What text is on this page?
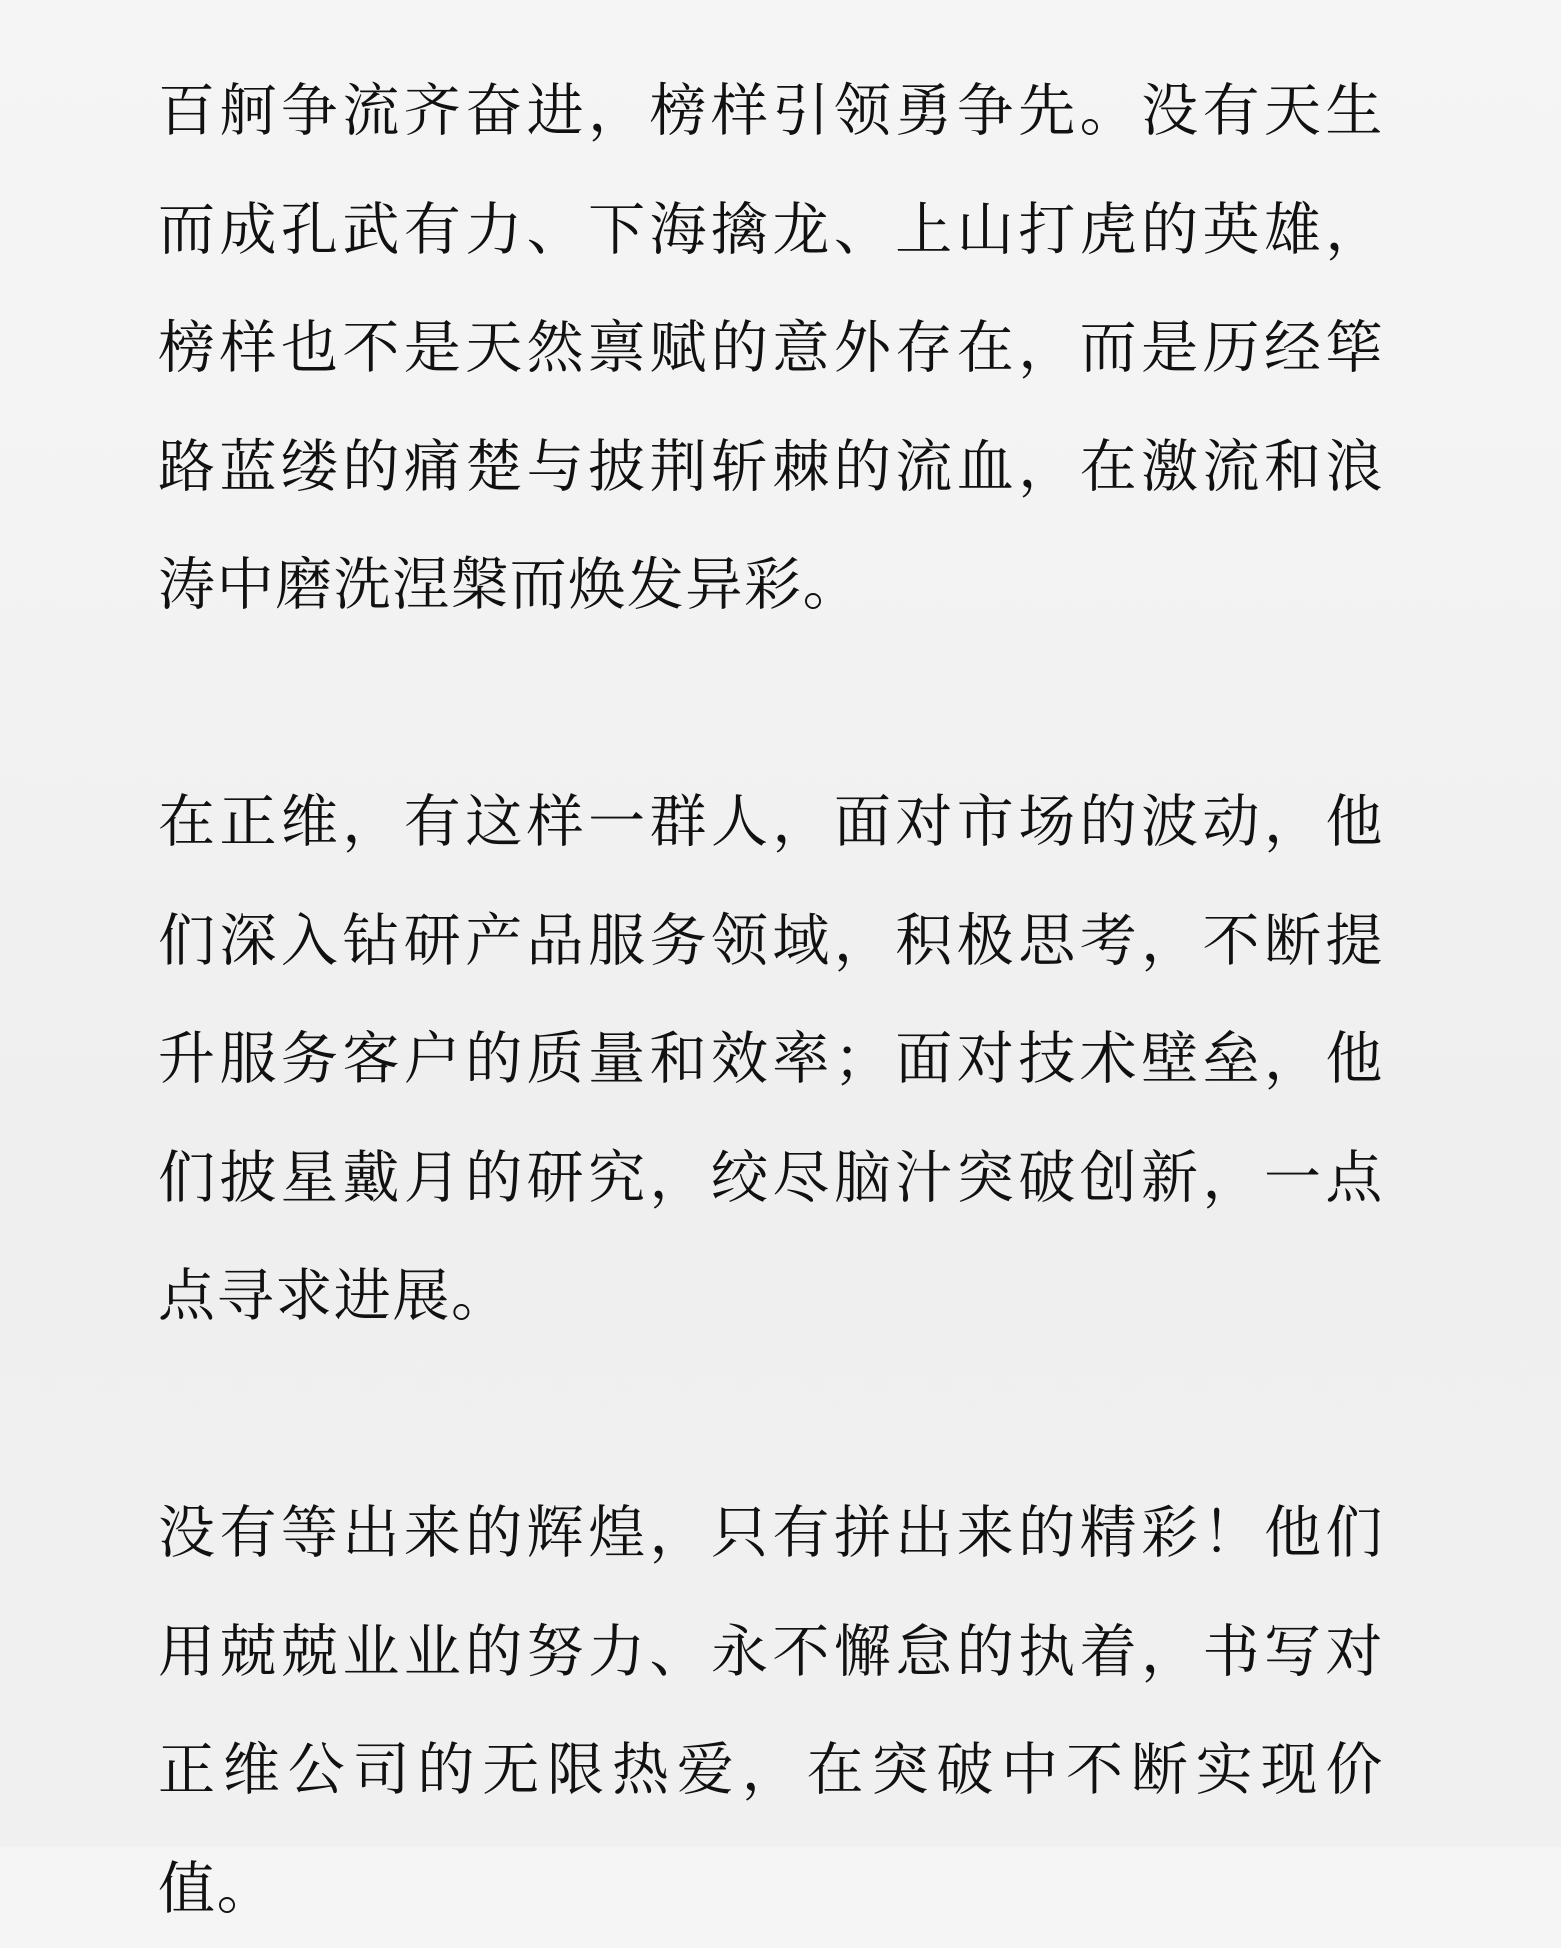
百舸争流齐奋进，榜样引领勇争先。没有天生而成孔武有力、下海擒龙、上山打虎的英雄，榜样也不是天然禀赋的意外存在，而是历经筚路蓝缕的痛楚与披荆斩棘的流血，在激流和浪涛中磨洗涅槃而焕发异彩。

在正维，有这样一群人，面对市场的波动，他们深入钻研产品服务领域，积极思考，不断提升服务客户的质量和效率；面对技术壁垒，他们披星戴月的研究，绞尽脑汁突破创新，一点点寻求进展。

没有等出来的辉煌，只有拼出来的精彩！他们用兢兢业业的努力、永不懈怠的执着，书写对正维公司的无限热爱，在突破中不断实现价值。
